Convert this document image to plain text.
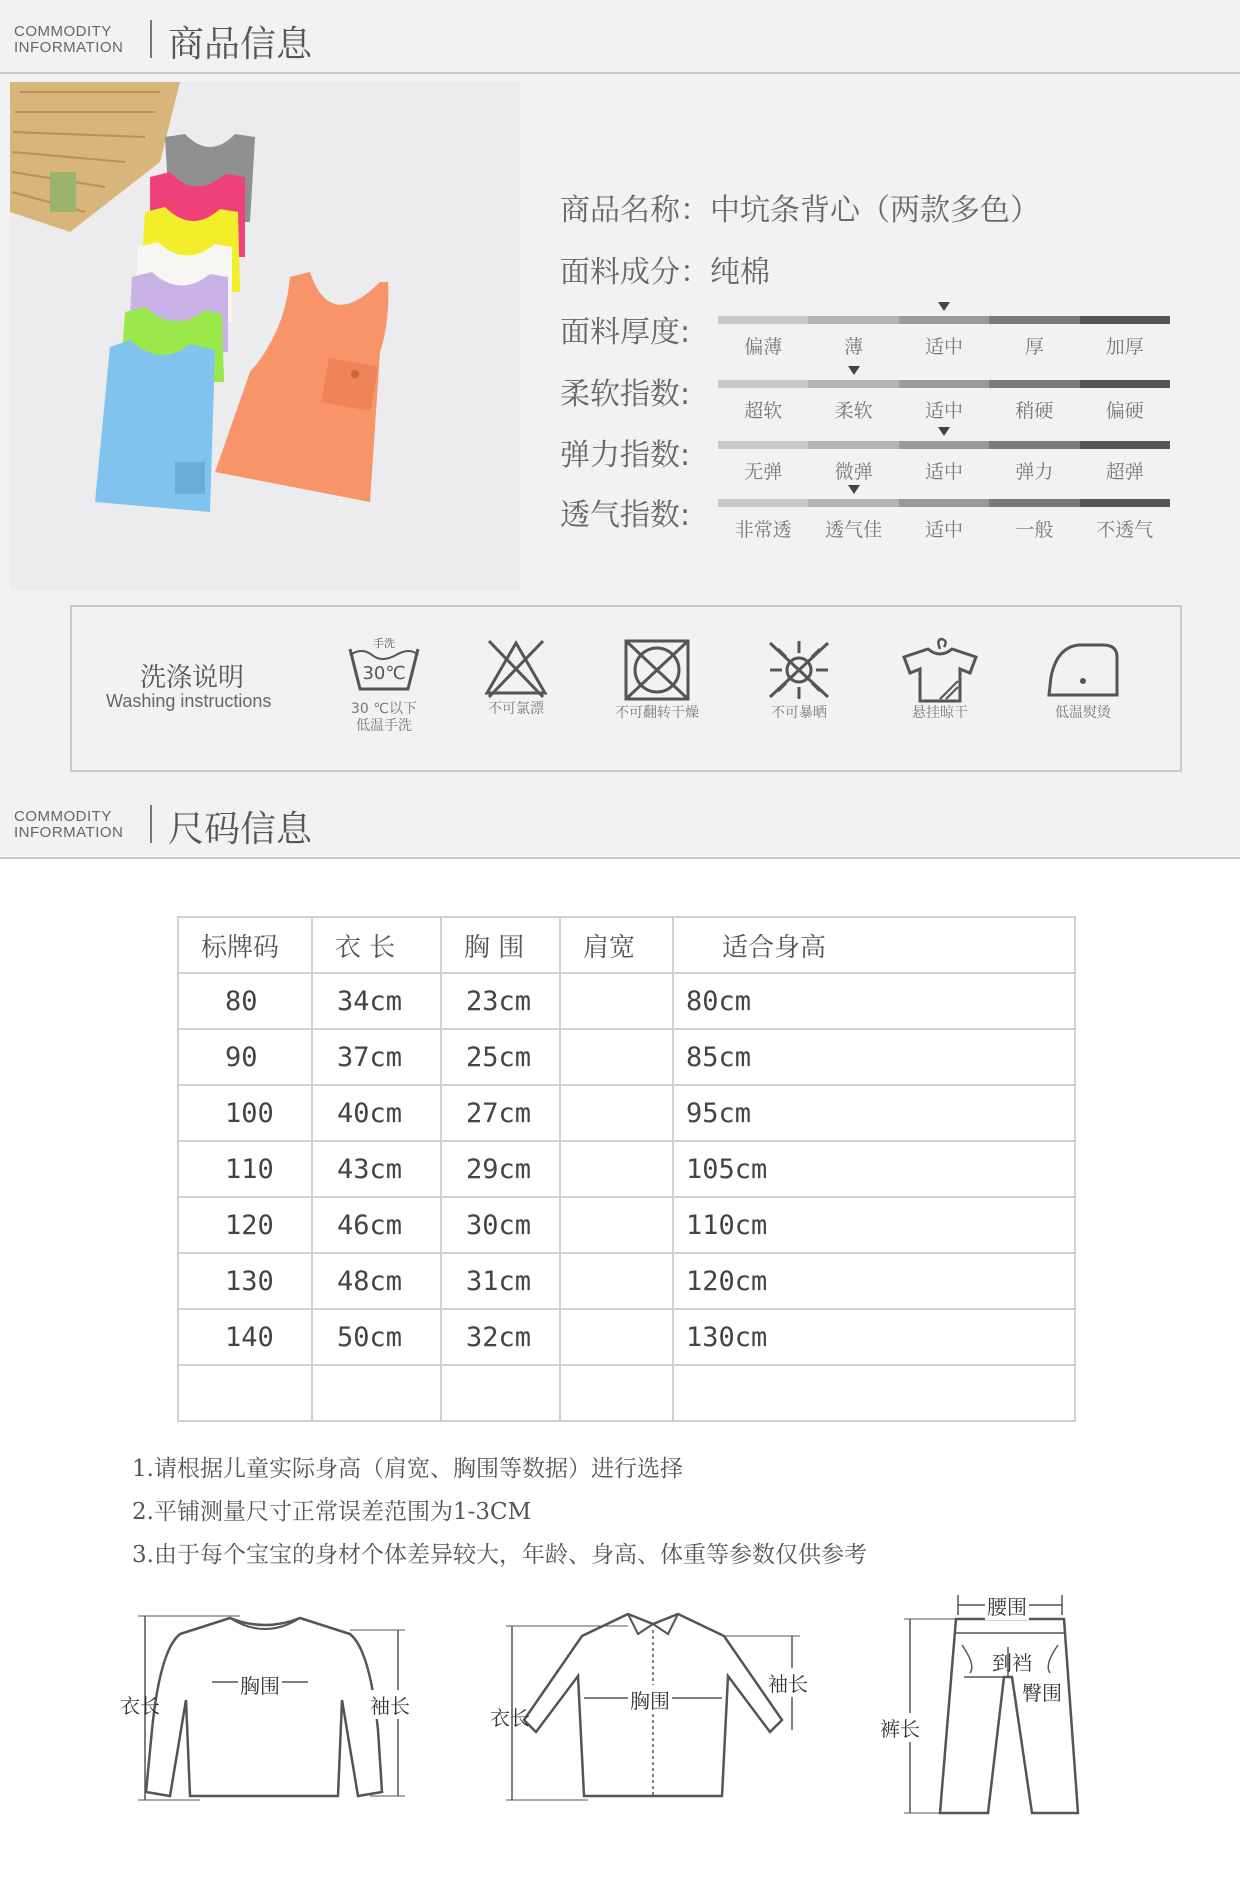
COMMODITY
INFORMATION 商品信息
商品名称：中坑条背心（两款多色）
面料成分：纯棉
面料厚度:	偏薄	薄	适中	厚	加厚
柔软指数:	超软	柔软	适中	稍硬	偏硬
弹力指数:	无弹	微弹	适中	弹力	超弹
透气指数:	非常透	透气佳	适中	一般	不透气
洗涤说明
Washing instructions
手洗
30℃
30 ℃以下
低温手洗
不可氯漂	不可翻转干燥	不可暴晒	悬挂晾干	低温熨烫
COMMODITY
INFORMATION 尺码信息
标牌码	衣 长	胸 围	肩宽	适合身高
80	34cm	23cm		80cm
90	37cm	25cm		85cm
100	40cm	27cm		95cm
110	43cm	29cm		105cm
120	46cm	30cm		110cm
130	48cm	31cm		120cm
140	50cm	32cm		130cm

1.请根据儿童实际身高（肩宽、胸围等数据）进行选择
2.平铺测量尺寸正常误差范围为1-3CM
3.由于每个宝宝的身材个体差异较大，年龄、身高、体重等参数仅供参考
衣长
胸围
袖长	衣长
胸围
袖长
腰围
到裆
臀围
裤长
